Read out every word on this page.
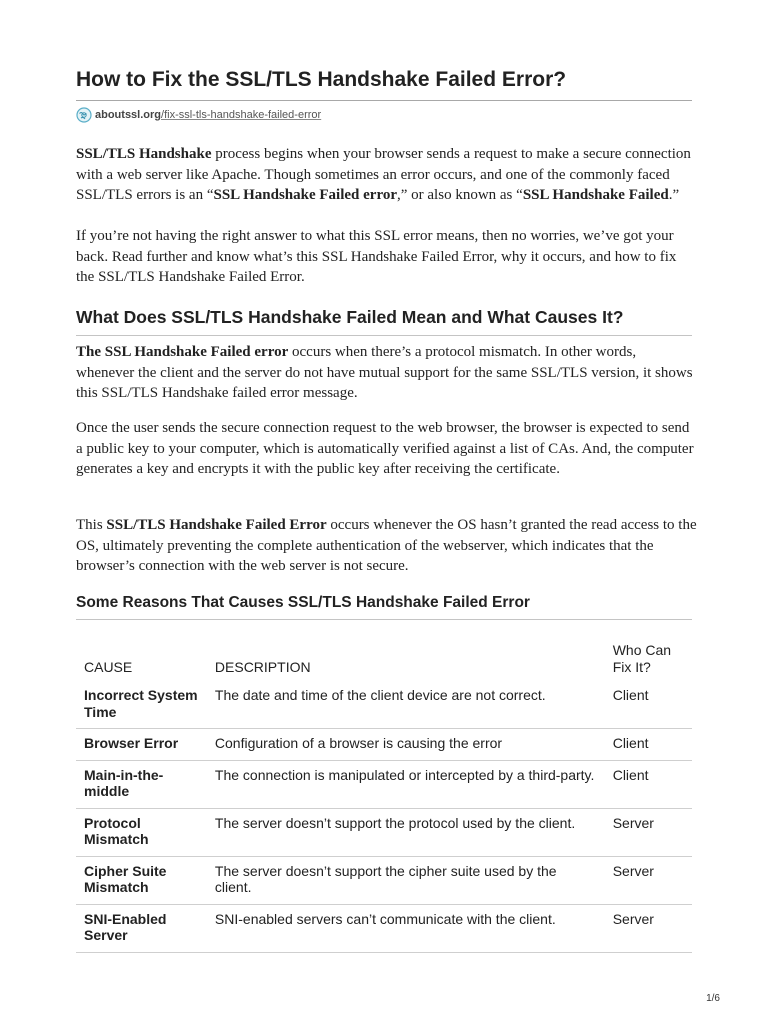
How to Fix the SSL/TLS Handshake Failed Error?
aboutssl.org /fix-ssl-tls-handshake-failed-error

SSL/TLS Handshake process begins when your browser sends a request to make a secure connection with a web server like Apache. Though sometimes an error occurs, and one of the commonly faced SSL/TLS errors is an “SSL Handshake Failed error,” or also known as “SSL Handshake Failed.”

If you’re not having the right answer to what this SSL error means, then no worries, we’ve got your back. Read further and know what’s this SSL Handshake Failed Error, why it occurs, and how to fix the SSL/TLS Handshake Failed Error.

What Does SSL/TLS Handshake Failed Mean and What Causes It?

The SSL Handshake Failed error occurs when there’s a protocol mismatch. In other words, whenever the client and the server do not have mutual support for the same SSL/TLS version, it shows this SSL/TLS Handshake failed error message.

Once the user sends the secure connection request to the web browser, the browser is expected to send a public key to your computer, which is automatically verified against a list of CAs. And, the computer generates a key and encrypts it with the public key after receiving the certificate.

This SSL/TLS Handshake Failed Error occurs whenever the OS hasn’t granted the read access to the OS, ultimately preventing the complete authentication of the webserver, which indicates that the browser’s connection with the web server is not secure.

Some Reasons That Causes SSL/TLS Handshake Failed Error
CAUSE	DESCRIPTION	Who Can Fix It?
Incorrect System Time	The date and time of the client device are not correct.	Client
Browser Error	Configuration of a browser is causing the error	Client
Main-in-the-middle	The connection is manipulated or intercepted by a third-party.	Client
Protocol Mismatch	The server doesn’t support the protocol used by the client.	Server
Cipher Suite Mismatch	The server doesn’t support the cipher suite used by the client.	Server
SNI-Enabled Server	SNI-enabled servers can’t communicate with the client.	Server
1/6
